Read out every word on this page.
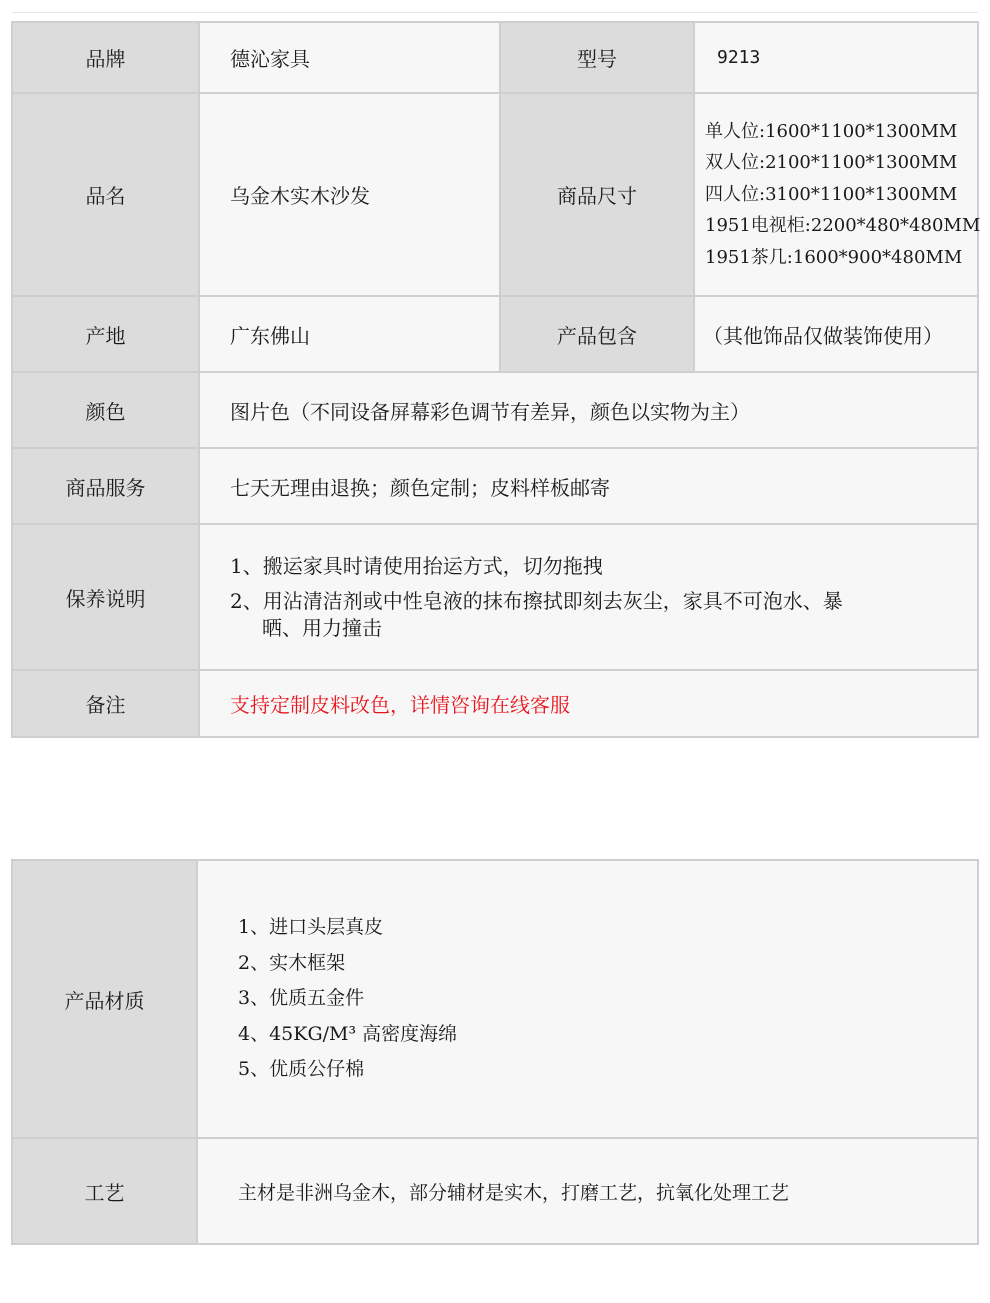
品牌	德沁家具	型号	9213
品名	乌金木实木沙发	商品尺寸	单人位:1600*1100*1300MM
双人位:2100*1100*1300MM
四人位:3100*1100*1300MM
1951电视柜:2200*480*480MM
1951茶几:1600*900*480MM

产地	广东佛山	产品包含	（其他饰品仅做装饰使用）
颜色	图片色（不同设备屏幕彩色调节有差异，颜色以实物为主）		
商品服务	七天无理由退换；颜色定制；皮料样板邮寄		
保养说明	1、搬运家具时请使用抬运方式，切勿拖拽
2、用沾清洁剂或中性皂液的抹布擦拭即刻去灰尘，家具不可泡水、暴晒、用力撞击		

备注	支持定制皮料改色，详情咨询在线客服		
产品材质	1、进口头层真皮
2、实木框架
3、优质五金件
4、45KG/M³ 高密度海绵
5、优质公仔棉

工艺	主材是非洲乌金木，部分辅材是实木，打磨工艺，抗氧化处理工艺
